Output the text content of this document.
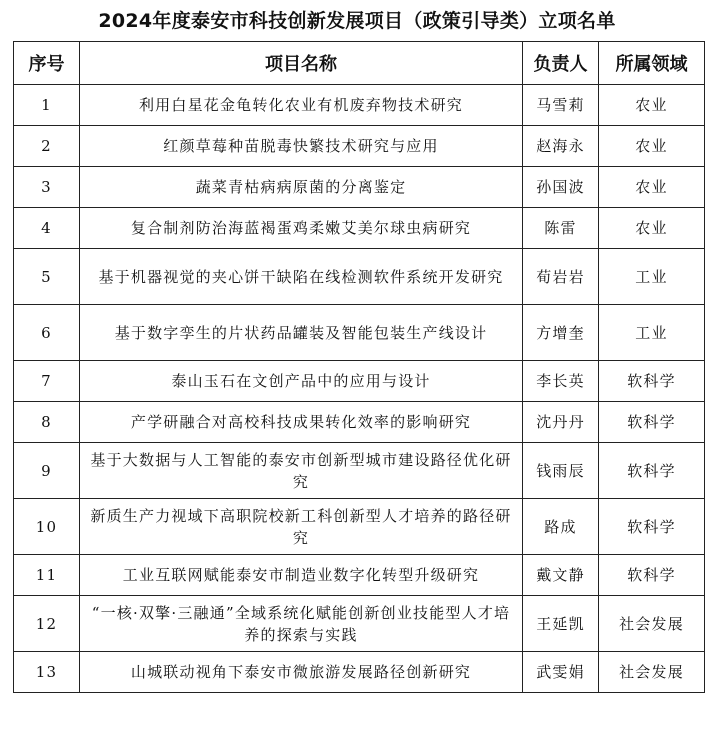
2024年度泰安市科技创新发展项目（政策引导类）立项名单
序号	项目名称	负责人	所属领域
1	利用白星花金龟转化农业有机废弃物技术研究	马雪莉	农业
2	红颜草莓种苗脱毒快繁技术研究与应用	赵海永	农业
3	蔬菜青枯病病原菌的分离鉴定	孙国波	农业
4	复合制剂防治海蓝褐蛋鸡柔嫩艾美尔球虫病研究	陈雷	农业
5	基于机器视觉的夹心饼干缺陷在线检测软件系统开发研究	荀岩岩	工业
6	基于数字孪生的片状药品罐装及智能包装生产线设计	方增奎	工业
7	泰山玉石在文创产品中的应用与设计	李长英	软科学
8	产学研融合对高校科技成果转化效率的影响研究	沈丹丹	软科学
9	基于大数据与人工智能的泰安市创新型城市建设路径优化研究	钱雨辰	软科学
10	新质生产力视域下高职院校新工科创新型人才培养的路径研究	路成	软科学
11	工业互联网赋能泰安市制造业数字化转型升级研究	戴文静	软科学
12	“一核·双擎·三融通”全域系统化赋能创新创业技能型人才培养的探索与实践	王延凯	社会发展
13	山城联动视角下泰安市微旅游发展路径创新研究	武雯娟	社会发展
